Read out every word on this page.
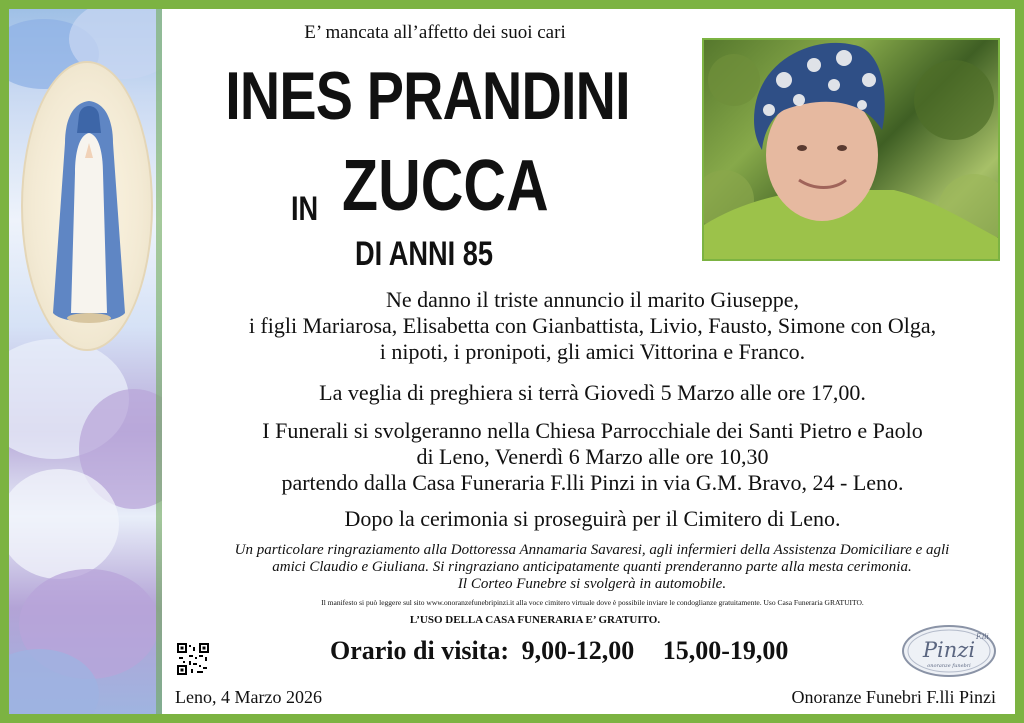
E’ mancata all’affetto dei suoi cari
INES PRANDINI
IN ZUCCA
DI ANNI 85
Ne danno il triste annuncio il marito Giuseppe,
i figli Mariarosa, Elisabetta con Gianbattista, Livio, Fausto, Simone con Olga,
i nipoti, i pronipoti, gli amici Vittorina e Franco.
La veglia di preghiera si terrà Giovedì 5 Marzo alle ore 17,00.
I Funerali si svolgeranno nella Chiesa Parrocchiale dei Santi Pietro e Paolo
di Leno, Venerdì 6 Marzo alle ore 10,30
partendo dalla Casa Funeraria F.lli Pinzi in via G.M. Bravo, 24 - Leno.
Dopo la cerimonia si proseguirà per il Cimitero di Leno.
Un particolare ringraziamento alla Dottoressa Annamaria Savaresi, agli infermieri della Assistenza Domiciliare e agli
amici Claudio e Giuliana. Si ringraziano anticipatamente quanti prenderanno parte alla mesta cerimonia.
Il Corteo Funebre si svolgerà in automobile.
Il manifesto si può leggere sul sito www.onoranzefunebripinzi.it alla voce cimitero virtuale dove è possibile inviare le condoglianze gratuitamente. Uso Casa Funeraria GRATUITO.
L’USO DELLA CASA FUNERARIA E’ GRATUITO.
Orario di visita: 9,00-12,00 15,00-19,00	F.lli
Pinzi
onoranze funebri
Leno, 4 Marzo 2026	Onoranze Funebri F.lli Pinzi
